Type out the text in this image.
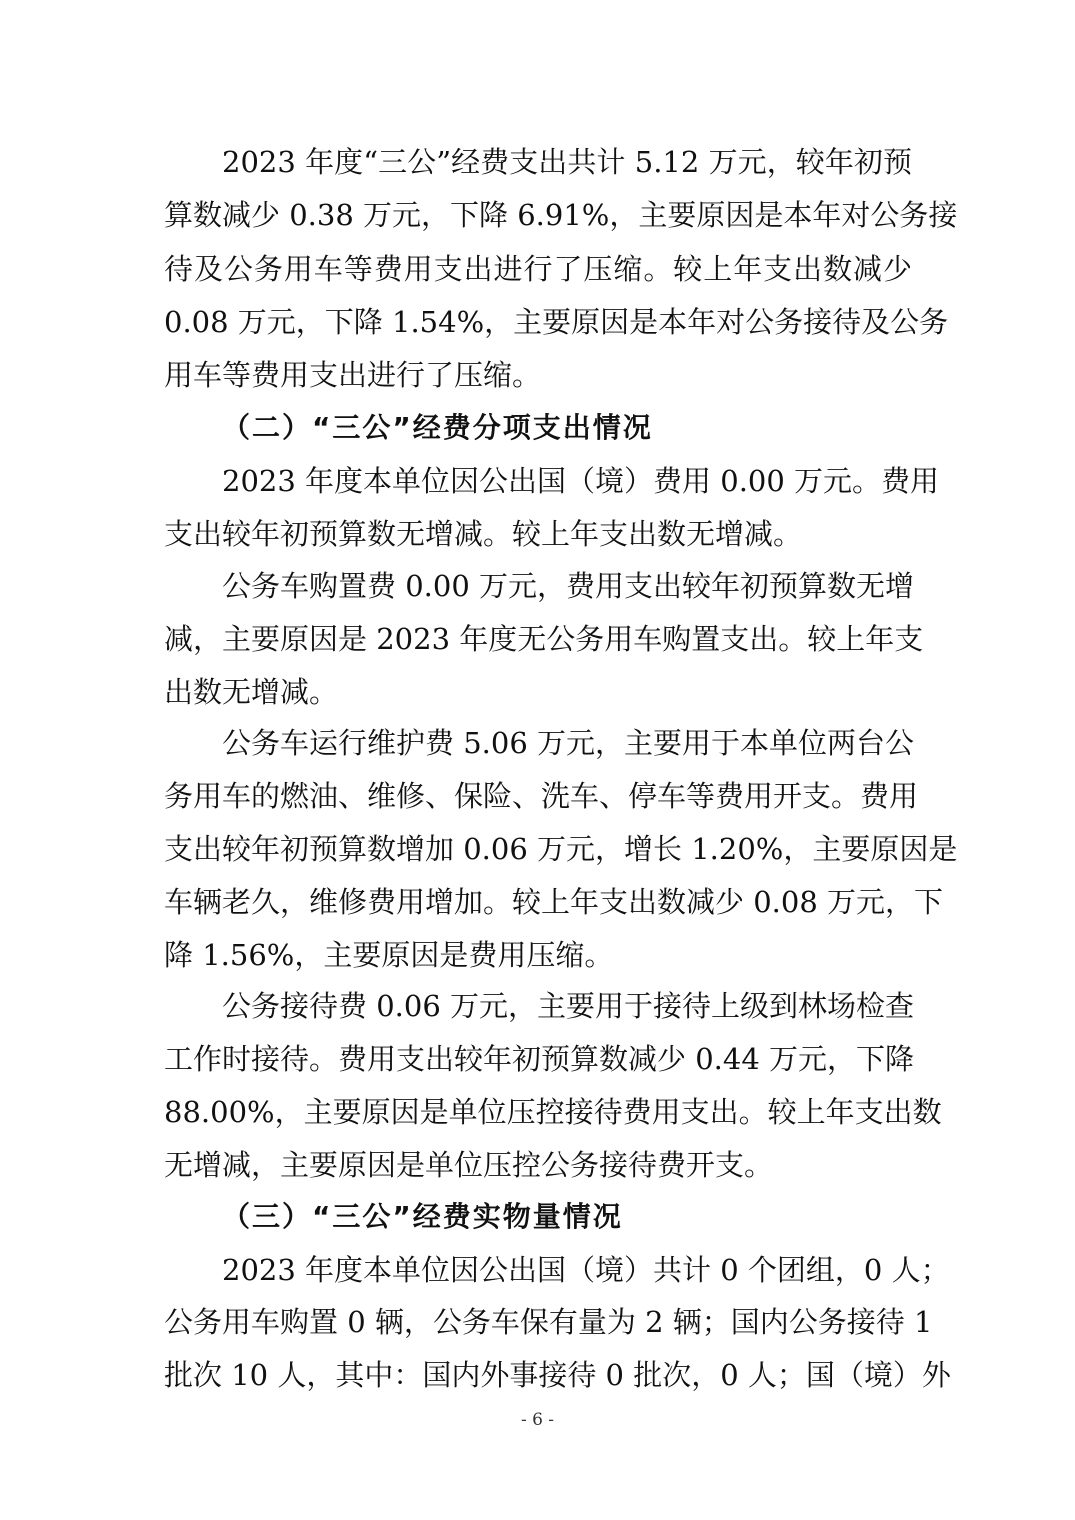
2023 年度“三公”经费支出共计 5.12 万元，较年初预
算数减少 0.38 万元，下降 6.91%，主要原因是本年对公务接
待及公务用车等费用支出进行了压缩。较上年支出数减少
0.08 万元，下降 1.54%，主要原因是本年对公务接待及公务
用车等费用支出进行了压缩。
（二）“三公”经费分项支出情况
2023 年度本单位因公出国（境）费用 0.00 万元。费用
支出较年初预算数无增减。较上年支出数无增减。
公务车购置费 0.00 万元，费用支出较年初预算数无增
减，主要原因是 2023 年度无公务用车购置支出。较上年支
出数无增减。
公务车运行维护费 5.06 万元，主要用于本单位两台公
务用车的燃油、维修、保险、洗车、停车等费用开支。费用
支出较年初预算数增加 0.06 万元，增长 1.20%，主要原因是
车辆老久，维修费用增加。较上年支出数减少 0.08 万元，下
降 1.56%，主要原因是费用压缩。
公务接待费 0.06 万元，主要用于接待上级到林场检查
工作时接待。费用支出较年初预算数减少 0.44 万元，下降
88.00%，主要原因是单位压控接待费用支出。较上年支出数
无增减，主要原因是单位压控公务接待费开支。
（三）“三公”经费实物量情况
2023 年度本单位因公出国（境）共计 0 个团组，0 人；
公务用车购置 0 辆，公务车保有量为 2 辆；国内公务接待 1
批次 10 人，其中：国内外事接待 0 批次，0 人；国（境）外
- 6 -
